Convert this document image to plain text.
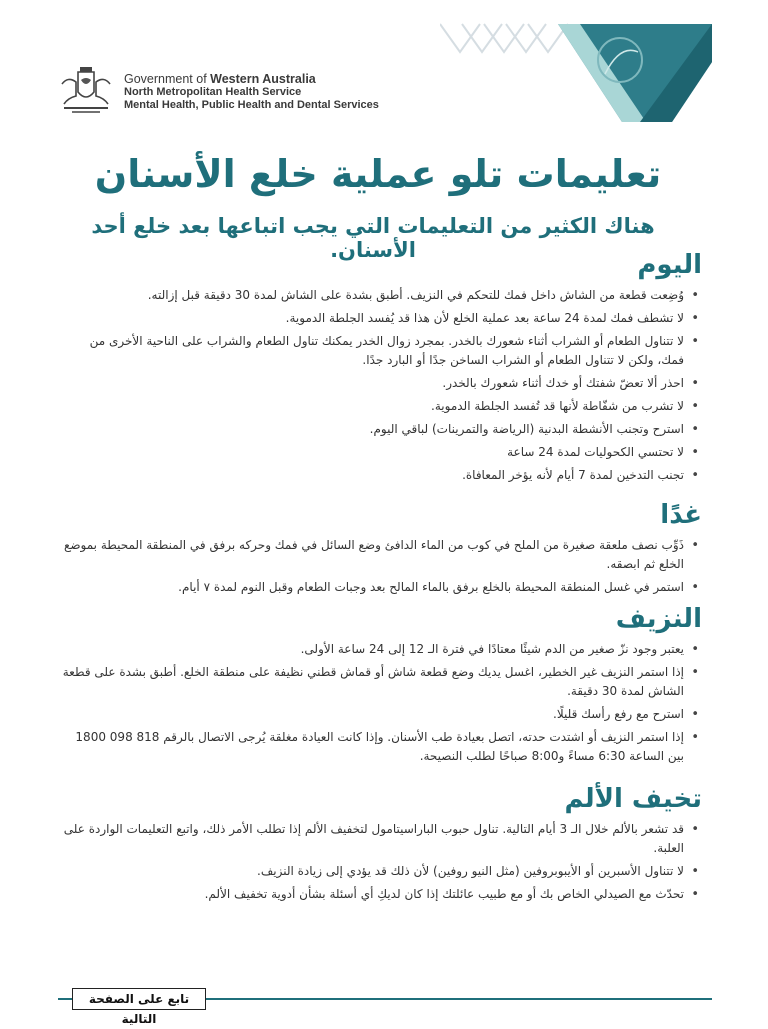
Government of Western Australia
North Metropolitan Health Service
Mental Health, Public Health and Dental Services
تعليمات تلو عملية خلع الأسنان
هناك الكثير من التعليمات التي يجب اتباعها بعد خلع أحد الأسنان.	اليوم
• وُضِعت قطعة من الشاش داخل فمك للتحكم في النزيف. أطبق بشدة على الشاش لمدة 30 دقيقة قبل إزالته.
• لا تشطف فمك لمدة 24 ساعة بعد عملية الخلع لأن هذا قد يُفسد الجلطة الدموية.
• لا تتناول الطعام أو الشراب أثناء شعورك بالخدر. بمجرد زوال الخدر يمكنك تناول الطعام والشراب على الناحية الأخرى من فمك، ولكن لا تتناول الطعام أو الشراب الساخن جدًا أو البارد جدًا.
• احذر ألا تعضّ شفتك أو خدك أثناء شعورك بالخدر.
• لا تشرب من شفّاطة لأنها قد تُفسد الجلطة الدموية.
• استرح وتجنب الأنشطة البدنية (الرياضة والتمرينات) لباقي اليوم.
• لا تحتسي الكحوليات لمدة 24 ساعة
• تجنب التدخين لمدة 7 أيام لأنه يؤخر المعافاة.
غدًا
• ذَوِّب نصف ملعقة صغيرة من الملح في كوب من الماء الدافئ وضع السائل في فمك وحركه برفق في المنطقة المحيطة بموضع الخلع ثم ابصقه.
• استمر في غسل المنطقة المحيطة بالخلع برفق بالماء المالح بعد وجبات الطعام وقبل النوم لمدة ٧ أيام.
النزيف
• يعتبر وجود نزّ صغير من الدم شيئًا معتادًا في فترة الـ 12 إلى 24 ساعة الأولى.
• إذا استمر النزيف غير الخطير، اغسل يديك وضع قطعة شاش أو قماش قطني نظيفة على منطقة الخلع. أطبق بشدة على قطعة الشاش لمدة 30 دقيقة.
• استرح مع رفع رأسك قليلًا.
• إذا استمر النزيف أو اشتدت حدته، اتصل بعيادة طب الأسنان. وإذا كانت العيادة مغلقة يُرجى الاتصال بالرقم 818 098 1800 بين الساعة 6:30 مساءً و8:00 صباحًا لطلب النصيحة.
تخيف الألم
• قد تشعر بالألم خلال الـ 3 أيام التالية. تناول حبوب الباراسيتامول لتخفيف الألم إذا تطلب الأمر ذلك، واتبع التعليمات الواردة على العلبة.
• لا تتناول الأسبرين أو الأيبوبروفين (مثل النيو روفين) لأن ذلك قد يؤدي إلى زيادة النزيف.
• تحدّث مع الصيدلي الخاص بك أو مع طبيب عائلتك إذا كان لديكِ أي أسئلة بشأن أدوية تخفيف الألم.
تابع على الصفحة التالية
